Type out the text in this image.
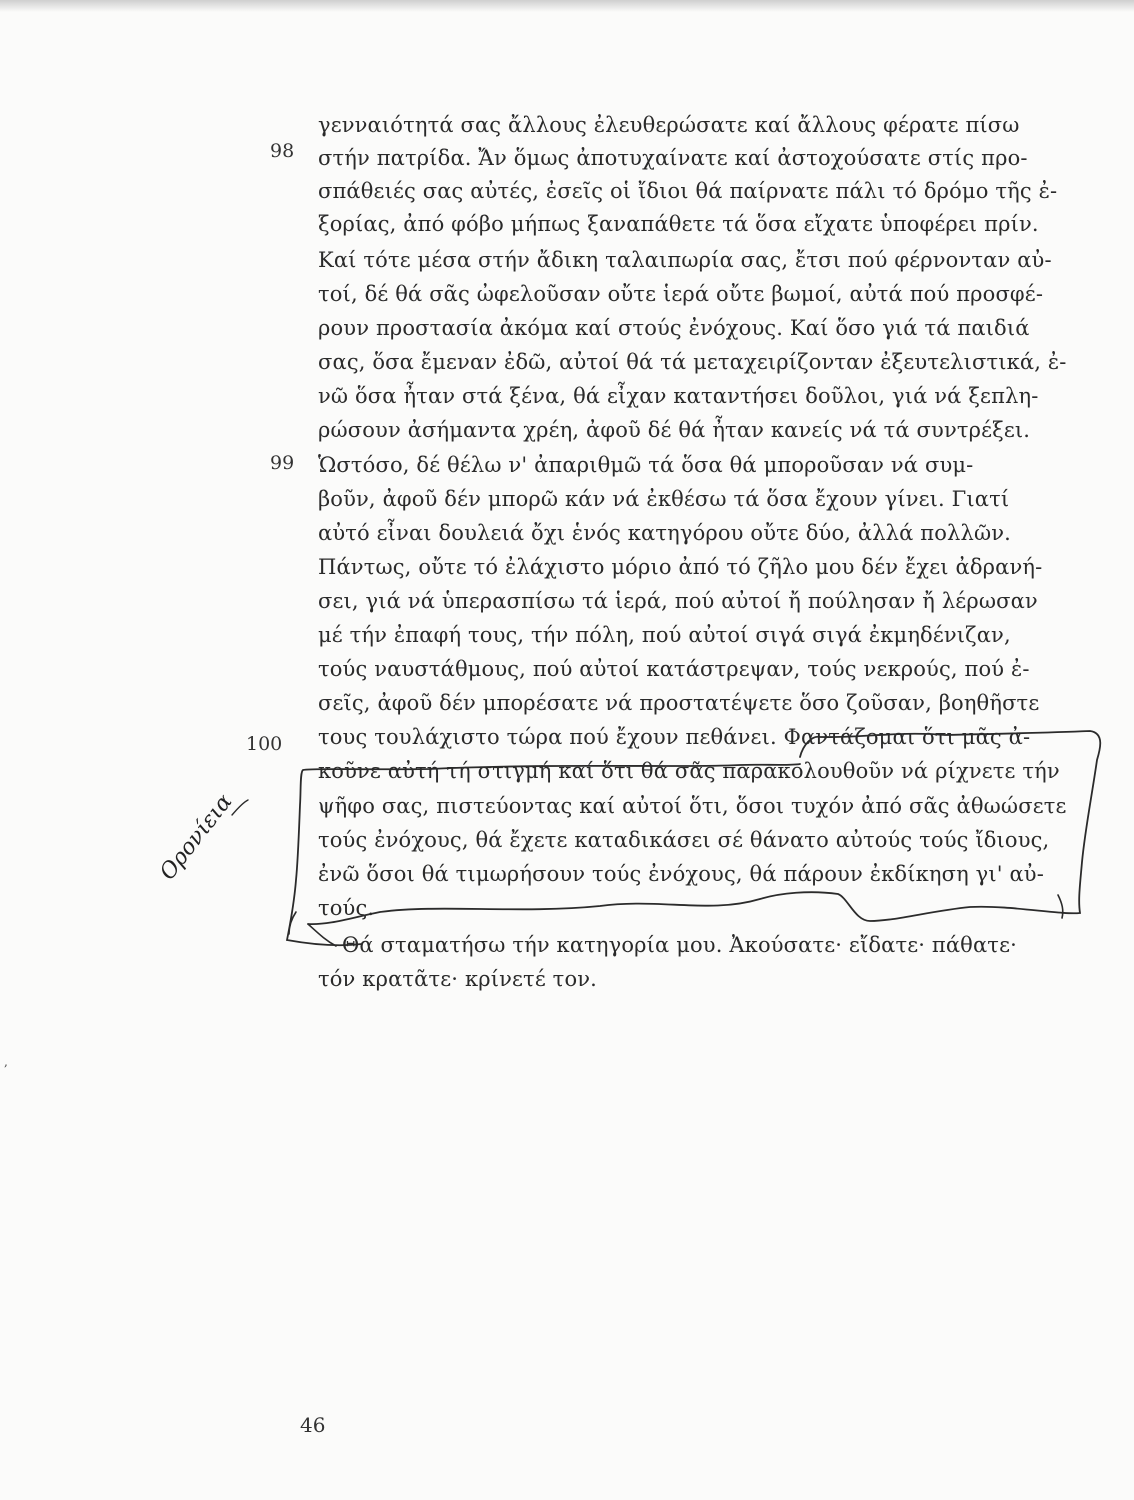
,
γενναιότητά σας ἄλλους ἐλευθερώσατε καί ἄλλους φέρατε πίσω
στήν πατρίδα. Ἄν ὅμως ἀποτυχαίνατε καί ἀστοχούσατε στίς προ-
σπάθειές σας αὐτές, ἐσεῖς οἱ ἴδιοι θά παίρνατε πάλι τό δρόμο τῆς ἐ-
ξορίας, ἀπό φόβο μήπως ξαναπάθετε τά ὅσα εἴχατε ὑποφέρει πρίν.
Καί τότε μέσα στήν ἄδικη ταλαιπωρία σας, ἔτσι πού φέρνονταν αὐ-
τοί, δέ θά σᾶς ὠφελοῦσαν οὔτε ἱερά οὔτε βωμοί, αὐτά πού προσφέ-
ρουν προστασία ἀκόμα καί στούς ἐνόχους. Καί ὅσο γιά τά παιδιά
σας, ὅσα ἔμεναν ἐδῶ, αὐτοί θά τά μεταχειρίζονταν ἐξευτελιστικά, ἐ-
νῶ ὅσα ἦταν στά ξένα, θά εἶχαν καταντήσει δοῦλοι, γιά νά ξεπλη-
ρώσουν ἀσήμαντα χρέη, ἀφοῦ δέ θά ἦταν κανείς νά τά συντρέξει.
Ὡστόσο, δέ θέλω ν' ἀπαριθμῶ τά ὅσα θά μποροῦσαν νά συμ-
βοῦν, ἀφοῦ δέν μπορῶ κάν νά ἐκθέσω τά ὅσα ἔχουν γίνει. Γιατί
αὐτό εἶναι δουλειά ὄχι ἑνός κατηγόρου οὔτε δύο, ἀλλά πολλῶν.
Πάντως, οὔτε τό ἐλάχιστο μόριο ἀπό τό ζῆλο μου δέν ἔχει ἀδρανή-
σει, γιά νά ὑπερασπίσω τά ἱερά, πού αὐτοί ἤ πούλησαν ἤ λέρωσαν
μέ τήν ἐπαφή τους, τήν πόλη, πού αὐτοί σιγά σιγά ἐκμηδένιζαν,
τούς ναυστάθμους, πού αὐτοί κατάστρεψαν, τούς νεκρούς, πού ἐ-
σεῖς, ἀφοῦ δέν μπορέσατε νά προστατέψετε ὅσο ζοῦσαν, βοηθῆστε
τους τουλάχιστο τώρα πού ἔχουν πεθάνει. Φαντάζομαι ὅτι μᾶς ἀ-
κοῦνε αὐτή τή στιγμή καί ὅτι θά σᾶς παρακολουθοῦν νά ρίχνετε τήν
ψῆφο σας, πιστεύοντας καί αὐτοί ὅτι, ὅσοι τυχόν ἀπό σᾶς ἀθωώσετε
τούς ἐνόχους, θά ἔχετε καταδικάσει σέ θάνατο αὐτούς τούς ἴδιους,
ἐνῶ ὅσοι θά τιμωρήσουν τούς ἐνόχους, θά πάρουν ἐκδίκηση γι' αὐ-
τούς.
Θά σταματήσω τήν κατηγορία μου. Ἀκούσατε· εἴδατε· πάθατε·
τόν κρατᾶτε· κρίνετέ τον.
98
99
100
46
Ορονίεια
